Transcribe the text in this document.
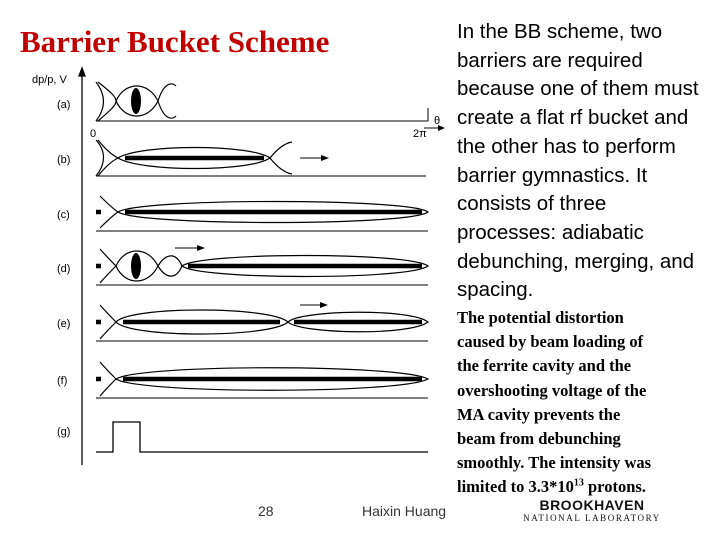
Barrier Bucket Scheme
dp/p, V
(a)
0	2π
θ
(b)
(c)
(d)
(e)
(f)
(g)
In the BB scheme, two
barriers are required
because one of them must
create a flat rf bucket and
the other has to perform
barrier gymnastics. It
consists of three
processes: adiabatic
debunching, merging, and
spacing.
The potential distortion
caused by beam loading of
the ferrite cavity and the
overshooting voltage of the
MA cavity prevents the
beam from debunching
smoothly. The intensity was
limited to $3.3*10^{13}$ protons.
28	Haixin Huang	BROOKHAVEN
NATIONAL LABORATORY
